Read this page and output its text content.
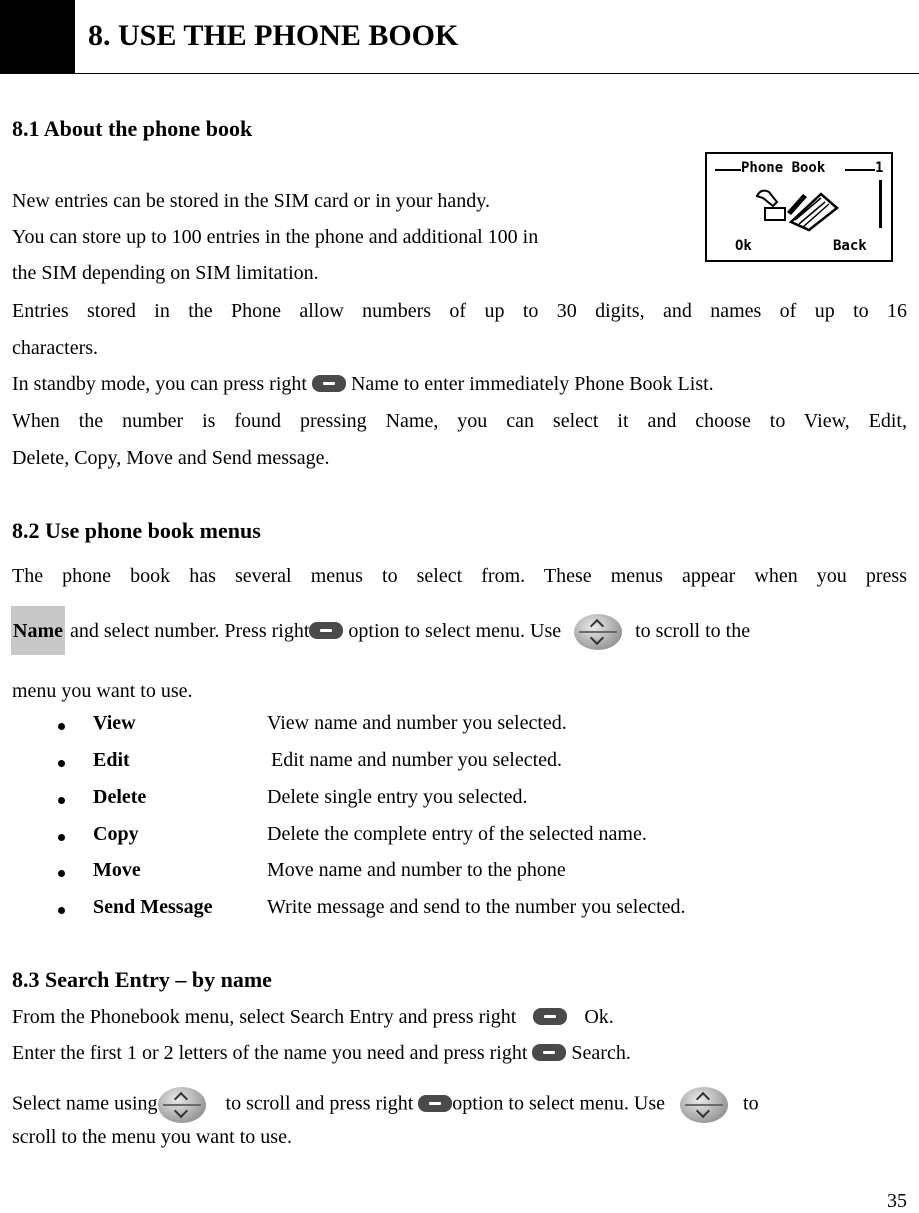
8. USE THE PHONE BOOK
8.1 About the phone book
New entries can be stored in the SIM card or in your handy.
You can store up to 100 entries in the phone and additional 100 in
the SIM depending on SIM limitation.
Entries stored in the Phone allow numbers of up to 30 digits, and names of up to 16
characters.
In standby mode, you can press right Name to enter immediately Phone Book List.
When the number is found pressing Name, you can select it and choose to View, Edit,
Delete, Copy, Move and Send message.
Phone Book	1
Ok	Back
8.2 Use phone book menus
The phone book has several menus to select from. These menus appear when you press
Name and select number. Press right option to select menu. Use	to scroll to the
menu you want to use.
View	View name and number you selected.
Edit	Edit name and number you selected.
Delete	Delete single entry you selected.
Copy	Delete the complete entry of the selected name.
Move	Move name and number to the phone
Send Message	Write message and send to the number you selected.
8.3 Search Entry – by name
From the Phonebook menu, select Search Entry and press right	Ok.
Enter the first 1 or 2 letters of the name you need and press right Search.
Select name using	to scroll and press right option to select menu. Use	to
scroll to the menu you want to use.
35
